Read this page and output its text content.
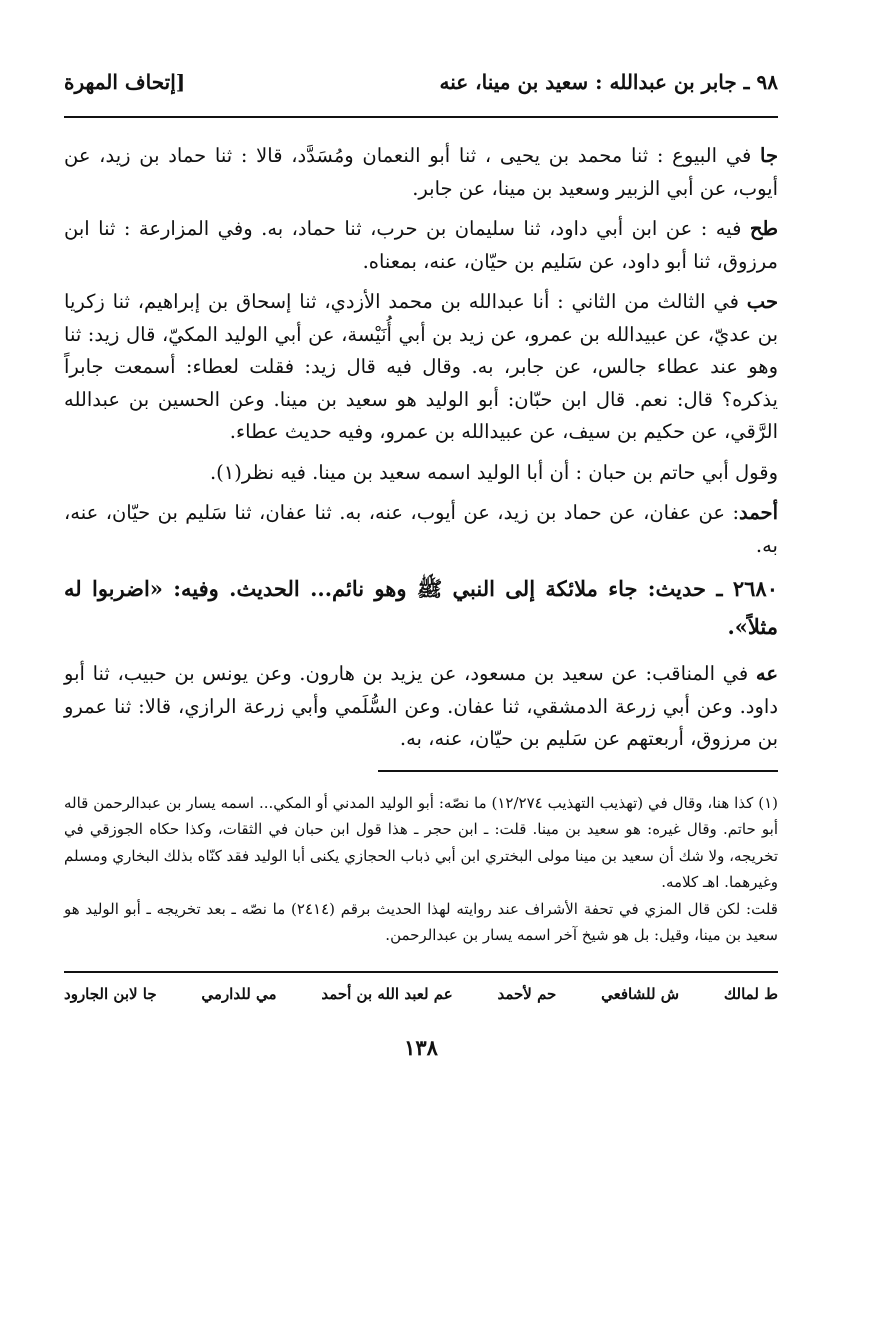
٩٨ ـ جابر بن عبدالله : سعيد بن مينا، عنه
[إتحاف المهرة

جا في البيوع : ثنا محمد بن يحيى ، ثنا أبو النعمان ومُسَدَّد، قالا : ثنا حماد بن زيد، عن أيوب، عن أبي الزبير وسعيد بن مينا، عن جابر.

طح فيه : عن ابن أبي داود، ثنا سليمان بن حرب، ثنا حماد، به. وفي المزارعة : ثنا ابن مرزوق، ثنا أبو داود، عن سَليم بن حيّان، عنه، بمعناه.

حب في الثالث من الثاني : أنا عبدالله بن محمد الأزدي، ثنا إسحاق بن إبراهيم، ثنا زكريا بن عديّ، عن عبيدالله بن عمرو، عن زيد بن أبي أُنَيْسة، عن أبي الوليد المكيّ، قال زيد: ثنا وهو عند عطاء جالس، عن جابر، به. وقال فيه قال زيد: فقلت لعطاء: أسمعت جابراً يذكره؟ قال: نعم. قال ابن حبّان: أبو الوليد هو سعيد بن مينا. وعن الحسين بن عبدالله الرَّقي، عن حكيم بن سيف، عن عبيدالله بن عمرو، وفيه حديث عطاء.

وقول أبي حاتم بن حبان : أن أبا الوليد اسمه سعيد بن مينا. فيه نظر(١).

أحمد: عن عفان، عن حماد بن زيد، عن أيوب، عنه، به. ثنا عفان، ثنا سَليم بن حيّان، عنه، به.

٢٦٨٠ ـ حديث: جاء ملائكة إلى النبي ﷺ وهو نائم... الحديث. وفيه: «اضربوا له مثلاً».

عه في المناقب: عن سعيد بن مسعود، عن يزيد بن هارون. وعن يونس بن حبيب، ثنا أبو داود. وعن أبي زرعة الدمشقي، ثنا عفان. وعن السُّلَمي وأبي زرعة الرازي، قالا: ثنا عمرو بن مرزوق، أربعتهم عن سَليم بن حيّان، عنه، به.

(١) كذا هنا، وقال في (تهذيب التهذيب ١٢/٢٧٤) ما نصّه: أبو الوليد المدني أو المكي... اسمه يسار بن عبدالرحمن قاله أبو حاتم. وقال غيره: هو سعيد بن مينا. قلت: ـ ابن حجر ـ هذا قول ابن حبان في الثقات، وكذا حكاه الجوزقي في تخريجه، ولا شك أن سعيد بن مينا مولى البختري ابن أبي ذباب الحجازي يكنى أبا الوليد فقد كنّاه بذلك البخاري ومسلم وغيرهما. اهـ كلامه.

قلت: لكن قال المزي في تحفة الأشراف عند روايته لهذا الحديث برقم (٢٤١٤) ما نصّه ـ بعد تخريجه ـ أبو الوليد هو سعيد بن مينا، وقيل: بل هو شيخ آخر اسمه يسار بن عبدالرحمن.

ط لمالك
ش للشافعي
حم لأحمد
عم لعبد الله بن أحمد
مي للدارمي
جا لابن الجارود
١٣٨
